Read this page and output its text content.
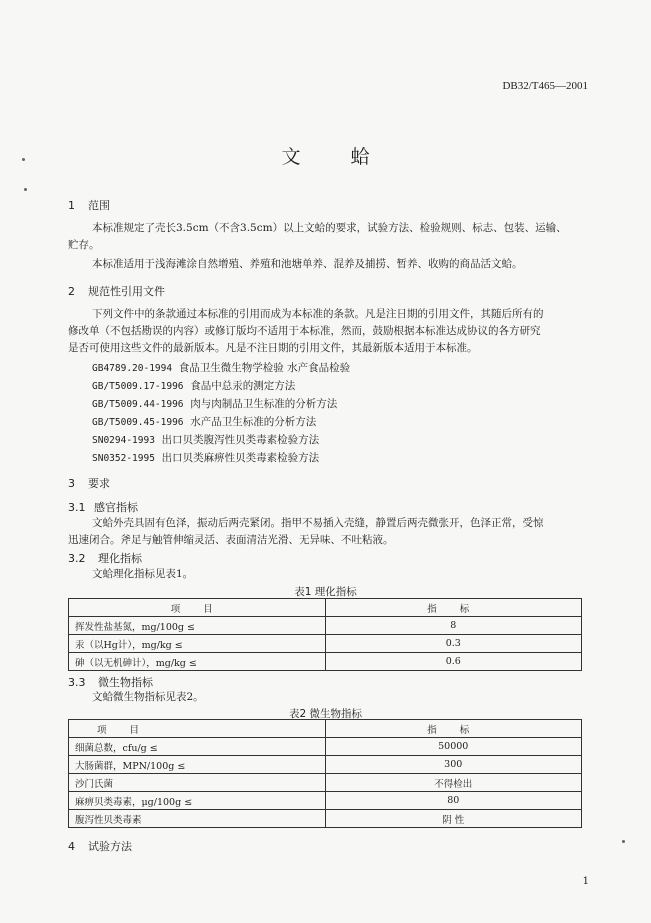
DB32/T465—2001
文 蛤
1 范围
本标准规定了壳长3.5cm（不含3.5cm）以上文蛤的要求，试验方法、检验规则、标志、包装、运输、
贮存。
本标准适用于浅海滩涂自然增殖、养殖和池塘单养、混养及捕捞、暂养、收购的商品活文蛤。
2 规范性引用文件
下列文件中的条款通过本标准的引用而成为本标准的条款。凡是注日期的引用文件，其随后所有的
修改单（不包括勘误的内容）或修订版均不适用于本标准，然而，鼓励根据本标准达成协议的各方研究
是否可使用这些文件的最新版本。凡是不注日期的引用文件，其最新版本适用于本标准。
GB4789.20-1994 食品卫生微生物学检验 水产食品检验
GB/T5009.17-1996 食品中总汞的测定方法
GB/T5009.44-1996 肉与肉制品卫生标准的分析方法
GB/T5009.45-1996 水产品卫生标准的分析方法
SN0294-1993 出口贝类腹泻性贝类毒素检验方法
SN0352-1995 出口贝类麻痹性贝类毒素检验方法
3 要求
3.1 感官指标
文蛤外壳具固有色泽，振动后两壳紧闭。指甲不易插入壳缝，静置后两壳微张开，色泽正常，受惊
迅速闭合。斧足与触管伸缩灵活、表面清洁光滑、无异味、不吐粘液。
3.2 理化指标
文蛤理化指标见表1。
表1 理化指标
项 目	指 标
挥发性盐基氮，mg/100g ≤	8
汞（以Hg计），mg/kg ≤	0.3
砷（以无机砷计），mg/kg ≤	0.6
3.3 微生物指标
文蛤微生物指标见表2。
表2 微生物指标
项 目	指 标
细菌总数，cfu/g ≤	50000
大肠菌群，MPN/100g ≤	300
沙门氏菌	不得检出
麻痹贝类毒素，μg/100g ≤	80
腹泻性贝类毒素	阴 性
4 试验方法
1
